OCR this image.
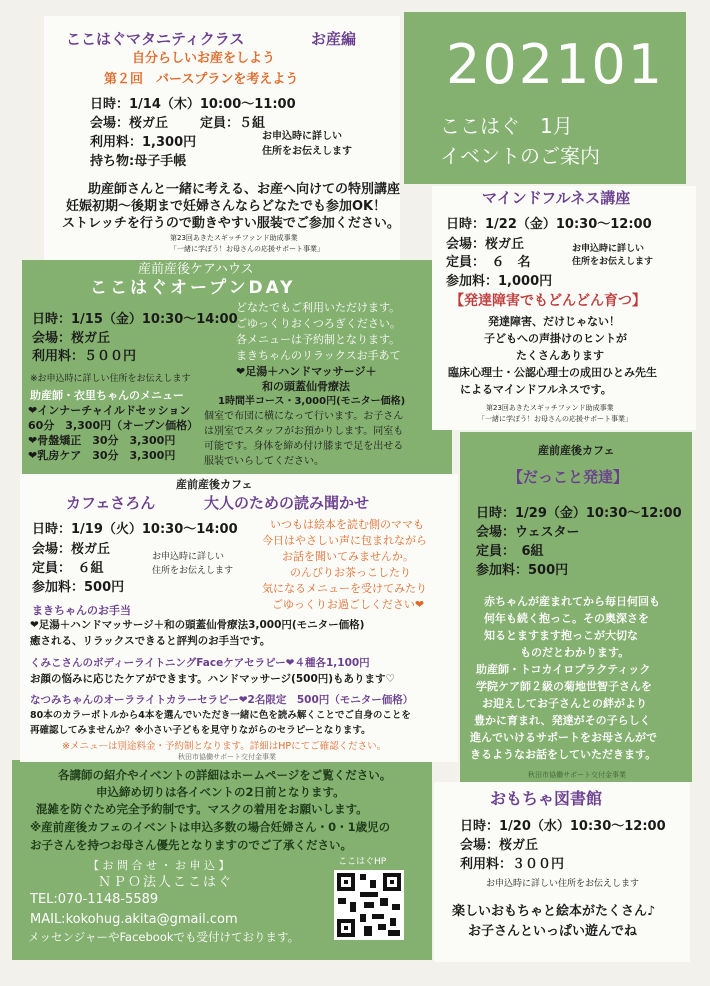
202101
ここはぐ　1月
イベントのご案内
ここはぐマタニティクラス	お産編
自分らしいお産をしよう
第２回　バースプランを考えよう
日時：1/14（木）10:00～11:00
会場：桜ガ丘 定員：５組
利用料：1,300円
持ち物:母子手帳
お申込時に詳しい
住所をお伝えします
助産師さんと一緒に考える、お産へ向けての特別講座
妊娠初期～後期まで妊婦さんならどなたでも参加OK！
ストレッチを行うので動きやすい服装でご参加ください。
第23回あきたスギッチファンド助成事業
「一緒に学ぼう！お母さんの応援サポート事業」
マインドフルネス講座
日時：1/22（金）10:30～12:00
会場：桜ガ丘
定員：　６　名
参加料：1,000円
お申込時に詳しい
住所をお伝えします
【発達障害でもどんどん育つ】
発達障害、だけじゃない！
子どもへの声掛けのヒントが
たくさんあります
臨床心理士・公認心理士の成田ひとみ先生
によるマインドフルネスです。
第23回あきたスギッチファンド助成事業
「一緒に学ぼう！お母さんの応援サポート事業」
産前産後ケアハウス
ここはぐオープンDAY
日時：1/15（金）10:30～14:00
会場：桜ガ丘
利用料：５００円
※お申込時に詳しい住所をお伝えします
助産師・衣里ちゃんのメニュー
❤インナーチャイルドセッション
60分　3,300円（オープン価格）
❤骨盤矯正　30分　3,300円
❤乳房ケア　30分　3,300円
どなたでもご利用いただけます。
ごゆっくりおくつろぎください。
各メニューは予約制となります。
まきちゃんのリラックスお手あて
❤足湯＋ハンドマッサージ＋
和の頭蓋仙骨療法
1時間半コース・3,000円(モニター価格)
個室で布団に横になって行います。お子さん
は別室でスタッフがお預かりします。同室も
可能です。身体を締め付け膝まで足を出せる
服装でいらしてください。
産前産後カフェ
カフェさろん	大人のための読み聞かせ
日時：1/19（火）10:30～14:00
会場：桜ガ丘
定員：　６組
参加料：500円
お申込時に詳しい
住所をお伝えします
いつもは絵本を読む側のママも
今日はやさしい声に包まれながら
お話を聞いてみませんか。
のんびりお茶っこしたり
気になるメニューを受けてみたり
ごゆっくりお過ごしください❤
まきちゃんのお手当
❤足湯＋ハンドマッサージ＋和の頭蓋仙骨療法3,000円(モニター価格)
癒される、リラックスできると評判のお手当です。
くみこさんのボディーライトニングFaceケアセラピー❤４種各1,100円
お顔の悩みに応じたケアができます。ハンドマッサージ(500円)もあります♡
なつみちゃんのオーラライトカラーセラピー❤2名限定　500円（モニター価格）
80本のカラーボトルから4本を選んでいただき一緒に色を読み解くことでご自身のことを
再確認してみませんか？※小さい子どもを見守りながらのセラピーとなります。
※メニューは別途料金・予約制となります。詳細はHPにてご確認ください。
秋田市協働サポート交付金事業
産前産後カフェ
【だっこと発達】
日時：1/29（金）10:30～12:00
会場：ウェスター
定員：　6組
参加料：500円
赤ちゃんが産まれてから毎日何回も
何年も続く抱っこ。その奥深さを
知るとますます抱っこが大切な
ものだとわかります。
助産師・トコカイロプラクティック
学院ケア師２級の菊地世智子さんを
お迎えしてお子さんとの絆がより
豊かに育まれ、発達がその子らしく
進んでいけるサポートをお母さんがで
きるようなお話をしていただきます。
秋田市協働サポート交付金事業
おもちゃ図書館
日時：1/20（水）10:30～12:00
会場：桜ガ丘
利用料：３００円
お申込時に詳しい住所をお伝えします
楽しいおもちゃと絵本がたくさん♪
お子さんといっぱい遊んでね
各講師の紹介やイベントの詳細はホームページをご覧ください。
申込締め切りは各イベントの2日前となります。
混雑を防ぐため完全予約制です。マスクの着用をお願いします。
※産前産後カフェのイベントは申込多数の場合妊婦さん・0・1歳児の
お子さんを持つお母さん優先となりますのでご了承ください。
【 お 問 合 せ ・ お 申 込 】
ＮＰＯ法人ここはぐ
TEL:070-1148-5589
MAIL:kokohug.akita@gmail.com
メッセンジャーやFacebookでも受付けております。
ここはぐHP
